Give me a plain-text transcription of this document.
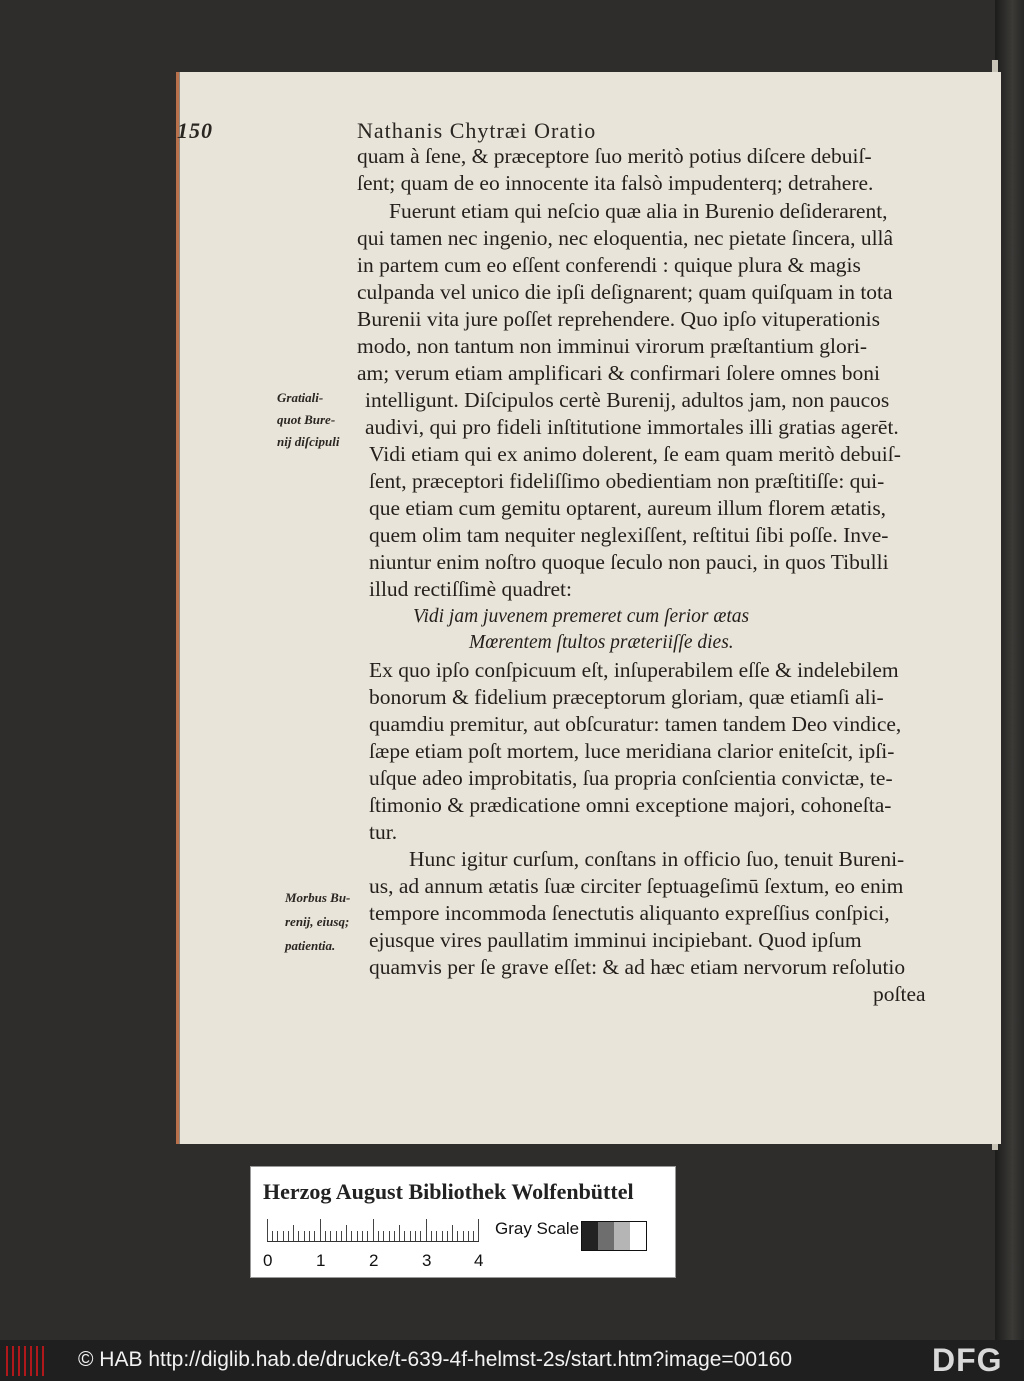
150	Nathanis Chytræi Oratio
quam à ſene, & præceptore ſuo meritò potius diſcere debuiſ-
ſent; quam de eo innocente ita falsò impudenterq; detrahere.
Fuerunt etiam qui neſcio quæ alia in Burenio deſiderarent,
qui tamen nec ingenio, nec eloquentia, nec pietate ſincera, ullâ
in partem cum eo eſſent conferendi : quique plura & magis
culpanda vel unico die ipſi deſignarent; quam quiſquam in tota
Burenii vita jure poſſet reprehendere. Quo ipſo vituperationis
modo, non tantum non imminui virorum præſtantium glori-
am; verum etiam amplificari & confirmari ſolere omnes boni
intelligunt. Diſcipulos certè Burenij, adultos jam, non paucos
audivi, qui pro fideli inſtitutione immortales illi gratias agerēt.
Vidi etiam qui ex animo dolerent, ſe eam quam meritò debuiſ-
ſent, præceptori fideliſſimo obedientiam non præſtitiſſe: qui-
que etiam cum gemitu optarent, aureum illum florem ætatis,
quem olim tam nequiter neglexiſſent, reſtitui ſibi poſſe. Inve-
niuntur enim noſtro quoque ſeculo non pauci, in quos Tibulli
illud rectiſſimè quadret:
Vidi jam juvenem premeret cum ſerior ætas
Mœrentem ſtultos præteriiſſe dies.
Ex quo ipſo conſpicuum eſt, inſuperabilem eſſe & indelebilem
bonorum & fidelium præceptorum gloriam, quæ etiamſi ali-
quamdiu premitur, aut obſcuratur: tamen tandem Deo vindice,
ſæpe etiam poſt mortem, luce meridiana clarior eniteſcit, ipſi-
uſque adeo improbitatis, ſua propria conſcientia convictæ, te-
ſtimonio & prædicatione omni exceptione majori, cohoneſta-
tur.
Hunc igitur curſum, conſtans in officio ſuo, tenuit Bureni-
us, ad annum ætatis ſuæ circiter ſeptuageſimū ſextum, eo enim
tempore incommoda ſenectutis aliquanto expreſſius conſpici,
ejusque vires paullatim imminui incipiebant. Quod ipſum
quamvis per ſe grave eſſet: & ad hæc etiam nervorum reſolutio
poſtea
Gratiali-
quot Bure-
nij diſcipuli
Morbus Bu-
renij, eiusq;
patientia.
Herzog August Bibliothek Wolfenbüttel
0	1	2	3	4
Gray Scale
© HAB http://diglib.hab.de/drucke/t-639-4f-helmst-2s/start.htm?image=00160	DFG
